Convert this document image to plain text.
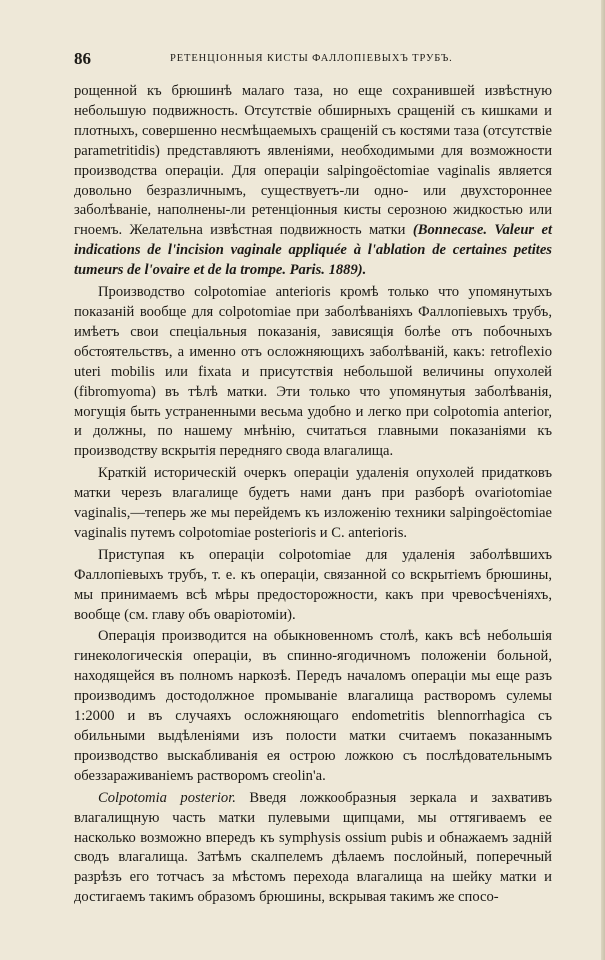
86	РЕТЕНЦІОННЫЯ КИСТЫ ФАЛЛОПІЕВЫХЪ ТРУБЪ.

рощенной къ брюшинѣ малаго таза, но еще сохранившей извѣстную небольшую подвижность. Отсутствіе обширныхъ сращеній съ кишками и плотныхъ, совершенно несмѣщаемыхъ сращеній съ костями таза (отсутствіе parametritidis) представляютъ явленіями, необходимыми для возможности производства операціи. Для операціи salpingoёctomiae vaginalis является довольно безразличнымъ, существуетъ-ли одно- или двухстороннее заболѣваніе, наполнены-ли ретенціонныя кисты серозною жидкостью или гноемъ. Желательна извѣстная подвижность матки (Bonnecase. Valeur et indications de l'incision vaginale appliquée à l'ablation de certaines petites tumeurs de l'ovaire et de la trompe. Paris. 1889).

Производство colpotomiae anterioris кромѣ только что упомянутыхъ показаній вообще для colpotomiae при заболѣваніяхъ Фаллопіевыхъ трубъ, имѣетъ свои спеціальныя показанія, зависящія болѣе отъ побочныхъ обстоятельствъ, а именно отъ осложняющихъ заболѣваній, какъ: retroflexio uteri mobilis или fixata и присутствія небольшой величины опухолей (fibromyoma) въ тѣлѣ матки. Эти только что упомянутыя заболѣванія, могущія быть устраненными весьма удобно и легко при colpotomia anterior, и должны, по нашему мнѣнію, считаться главными показаніями къ производству вскрытія передняго свода влагалища.

Краткій историческій очеркъ операціи удаленія опухолей придатковъ матки черезъ влагалище будетъ нами данъ при разборѣ ovariotomiae vaginalis,—теперь же мы перейдемъ къ изложенію техники salpingoёctomiae vaginalis путемъ colpotomiae posterioris и C. anterioris.

Приступая къ операціи colpotomiae для удаленія заболѣвшихъ Фаллопіевыхъ трубъ, т. е. къ операціи, связанной со вскрытіемъ брюшины, мы принимаемъ всѣ мѣры предосторожности, какъ при чревосѣченіяхъ, вообще (см. главу объ оваріотоміи).

Операція производится на обыкновенномъ столѣ, какъ всѣ небольшія гинекологическія операціи, въ спинно-ягодичномъ положеніи больной, находящейся въ полномъ наркозѣ. Передъ началомъ операціи мы еще разъ производимъ достодолжное промываніе влагалища растворомъ сулемы 1:2000 и въ случаяхъ осложняющаго endometritis blennorrhagica съ обильными выдѣленіями изъ полости матки считаемъ показаннымъ производство выскабливанія ея острою ложкою съ послѣдовательнымъ обеззараживаніемъ растворомъ creolin'a.

Colpotomia posterior. Введя ложкообразныя зеркала и захвативъ влагалищную часть матки пулевыми щипцами, мы оттягиваемъ ее насколько возможно впередъ къ symphysis ossium pubis и обнажаемъ задній сводъ влагалища. Затѣмъ скалпелемъ дѣлаемъ послойный, поперечный разрѣзъ его тотчасъ за мѣстомъ перехода влагалища на шейку матки и достигаемъ такимъ образомъ брюшины, вскрывая такимъ же спосо-
